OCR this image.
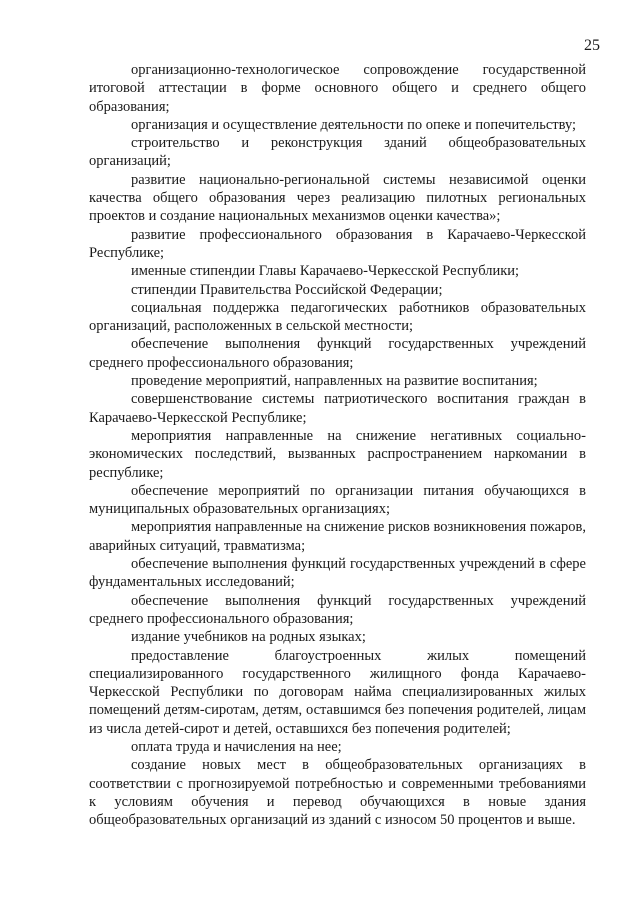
25

организационно-технологическое сопровождение государственной итоговой аттестации в форме основного общего и среднего общего образования;

организация и осуществление деятельности по опеке и попечительству;

строительство и реконструкция зданий общеобразовательных организаций;

развитие национально-региональной системы независимой оценки качества общего образования через реализацию пилотных региональных проектов и создание национальных механизмов оценки качества»;

развитие профессионального образования в Карачаево-Черкесской Республике;

именные стипендии Главы Карачаево-Черкесской Республики;

стипендии Правительства Российской Федерации;

социальная поддержка педагогических работников образовательных организаций, расположенных в сельской местности;

обеспечение выполнения функций государственных учреждений среднего профессионального образования;

проведение мероприятий, направленных на развитие воспитания;

совершенствование системы патриотического воспитания граждан в Карачаево-Черкесской Республике;

мероприятия направленные на снижение негативных социально-экономических последствий, вызванных распространением наркомании в республике;

обеспечение мероприятий по организации питания обучающихся в муниципальных образовательных организациях;

мероприятия направленные на снижение рисков возникновения пожаров, аварийных ситуаций, травматизма;

обеспечение выполнения функций государственных учреждений в сфере фундаментальных исследований;

обеспечение выполнения функций государственных учреждений среднего профессионального образования;

издание учебников на родных языках;

предоставление благоустроенных жилых помещений специализированного государственного жилищного фонда Карачаево-Черкесской Республики по договорам найма специализированных жилых помещений детям-сиротам, детям, оставшимся без попечения родителей, лицам из числа детей-сирот и детей, оставшихся без попечения родителей;

оплата труда и начисления на нее;

создание новых мест в общеобразовательных организациях в соответствии с прогнозируемой потребностью и современными требованиями к условиям обучения и перевод обучающихся в новые здания общеобразовательных организаций из зданий с износом 50 процентов и выше.
